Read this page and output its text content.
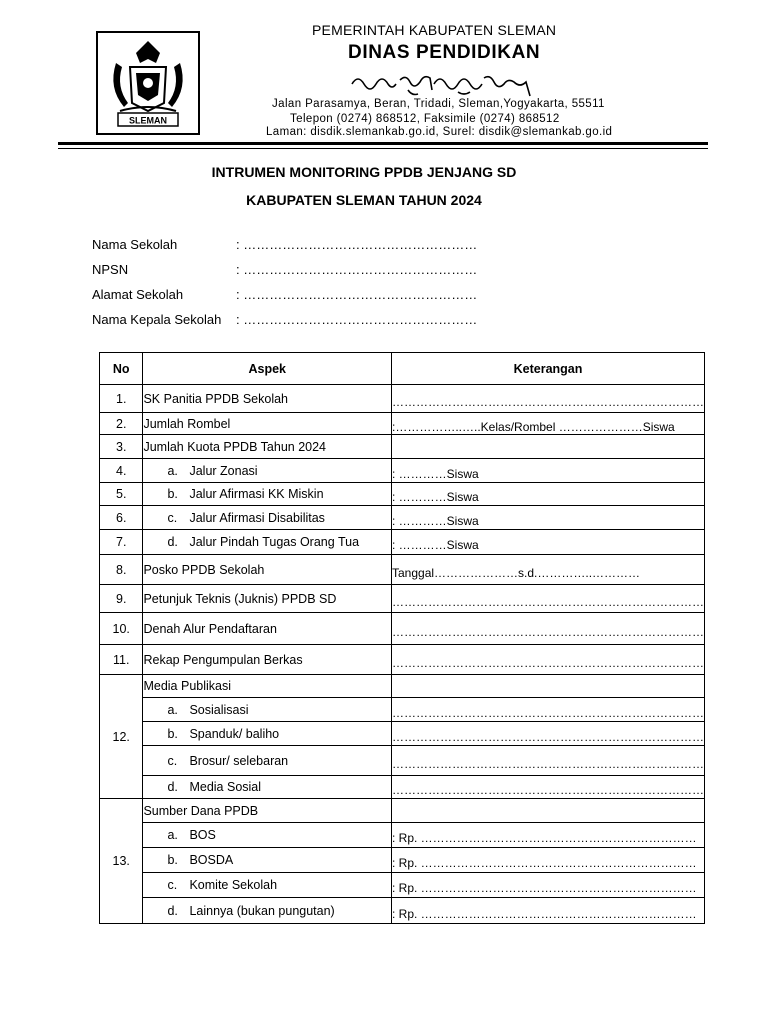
SLEMAN
PEMERINTAH KABUPATEN SLEMAN
DINAS PENDIDIKAN
Jalan Parasamya, Beran, Tridadi, Sleman,Yogyakarta, 55511
Telepon (0274) 868512, Faksimile (0274) 868512
Laman: disdik.slemankab.go.id, Surel: disdik@slemankab.go.id
INTRUMEN MONITORING PPDB JENJANG SD
KABUPATEN SLEMAN TAHUN 2024
Nama Sekolah	: ………………………………………………
NPSN	: ………………………………………………
Alamat Sekolah	: ………………………………………………
Nama Kepala Sekolah : ………………………………………………
No	Aspek	Keterangan
1.	SK Panitia PPDB Sekolah	……………………………………………………………………

2.	Jumlah Rombel	:……………..…..Kelas/Rombel …………………Siswa

3.	Jumlah Kuota PPDB Tahun 2024	

4.	a. Jalur Zonasi	: …………Siswa

5.	b. Jalur Afirmasi KK Miskin	: …………Siswa

6.	c. Jalur Afirmasi Disabilitas	: …………Siswa

7.	d. Jalur Pindah Tugas Orang Tua	: …………Siswa

8.	Posko PPDB Sekolah	Tanggal…………………s.d.…………..…………

9.	Petunjuk Teknis (Juknis) PPDB SD	……………………………………………………………………

10.	Denah Alur Pendaftaran	……………………………………………………………………

11.	Rekap Pengumpulan Berkas	……………………………………………………………………

12.	Media Publikasi	
	a. Sosialisasi	……………………………………………………………………

	b. Spanduk/ baliho	……………………………………………………………………

	c. Brosur/ selebaran	……………………………………………………………………

	d. Media Sosial	……………………………………………………………………

13.	Sumber Dana PPDB	
	a. BOS	: Rp. ……………………………………………………………

	b. BOSDA	: Rp. ……………………………………………………………

	c. Komite Sekolah	: Rp. ……………………………………………………………

	d. Lainnya (bukan pungutan)	: Rp. ……………………………………………………………
